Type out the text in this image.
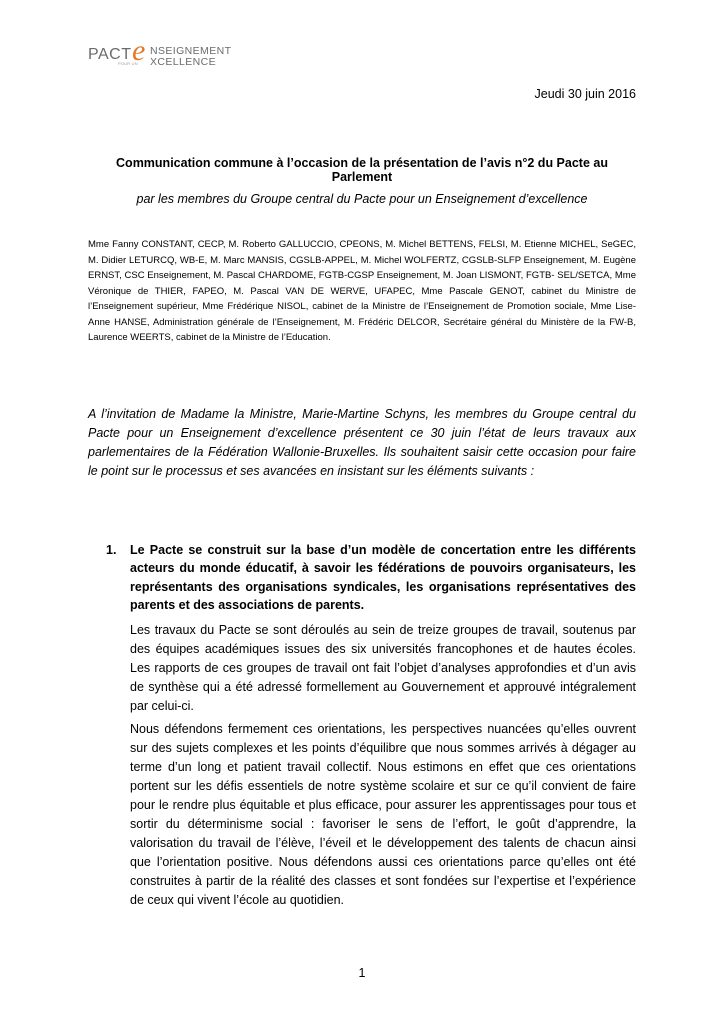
PACT e NSEIGNEMENT
XCELLENCE
POUR UN
Jeudi 30 juin 2016
Communication commune à l’occasion de la présentation de l’avis n°2 du Pacte au Parlement
par les membres du Groupe central du Pacte pour un Enseignement d’excellence
Mme Fanny CONSTANT, CECP, M. Roberto GALLUCCIO, CPEONS, M. Michel BETTENS, FELSI, M. Etienne MICHEL, SeGEC, M. Didier LETURCQ, WB-E, M. Marc MANSIS, CGSLB-APPEL, M. Michel WOLFERTZ, CGSLB-SLFP Enseignement, M. Eugène ERNST, CSC Enseignement, M. Pascal CHARDOME, FGTB-CGSP Enseignement, M. Joan LISMONT, FGTB- SEL/SETCA, Mme Véronique de THIER, FAPEO, M. Pascal VAN DE WERVE, UFAPEC, Mme Pascale GENOT, cabinet du Ministre de l’Enseignement supérieur, Mme Frédérique NISOL, cabinet de la Ministre de l’Enseignement de Promotion sociale, Mme Lise-Anne HANSE, Administration générale de l’Enseignement, M. Frédéric DELCOR, Secrétaire général du Ministère de la FW-B, Laurence WEERTS, cabinet de la Ministre de l’Education.
A l’invitation de Madame la Ministre, Marie-Martine Schyns, les membres du Groupe central du Pacte pour un Enseignement d’excellence présentent ce 30 juin l’état de leurs travaux aux parlementaires de la Fédération Wallonie-Bruxelles. Ils souhaitent saisir cette occasion pour faire le point sur le processus et ses avancées en insistant sur les éléments suivants :
1. Le Pacte se construit sur la base d’un modèle de concertation entre les différents acteurs du monde éducatif, à savoir les fédérations de pouvoirs organisateurs, les représentants des organisations syndicales, les organisations représentatives des parents et des associations de parents.
Les travaux du Pacte se sont déroulés au sein de treize groupes de travail, soutenus par des équipes académiques issues des six universités francophones et de hautes écoles. Les rapports de ces groupes de travail ont fait l’objet d’analyses approfondies et d’un avis de synthèse qui a été adressé formellement au Gouvernement et approuvé intégralement par celui-ci.
Nous défendons fermement ces orientations, les perspectives nuancées qu’elles ouvrent sur des sujets complexes et les points d’équilibre que nous sommes arrivés à dégager au terme d’un long et patient travail collectif. Nous estimons en effet que ces orientations portent sur les défis essentiels de notre système scolaire et sur ce qu’il convient de faire pour le rendre plus équitable et plus efficace, pour assurer les apprentissages pour tous et sortir du déterminisme social : favoriser le sens de l’effort, le goût d’apprendre, la valorisation du travail de l’élève, l’éveil et le développement des talents de chacun ainsi que l’orientation positive. Nous défendons aussi ces orientations parce qu’elles ont été construites à partir de la réalité des classes et sont fondées sur l’expertise et l’expérience de ceux qui vivent l’école au quotidien.
1
